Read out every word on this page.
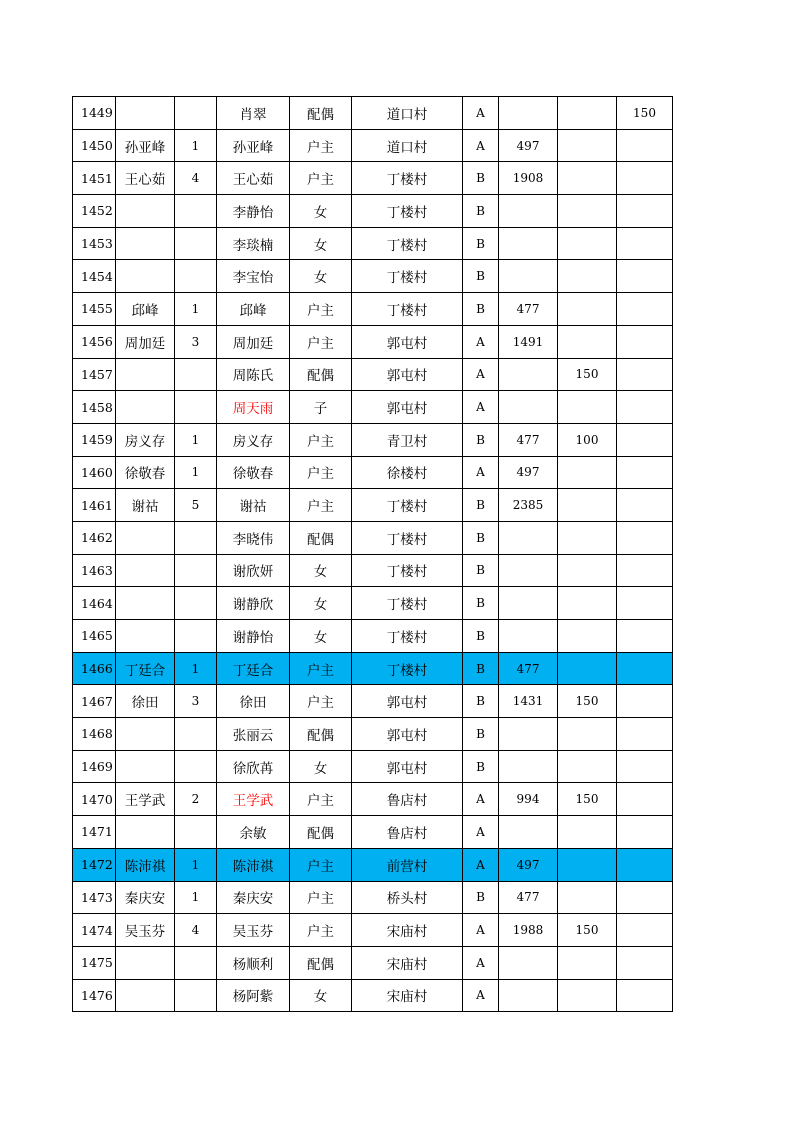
1449			肖翠	配偶	道口村	A			150
1450	孙亚峰	1	孙亚峰	户主	道口村	A	497		
1451	王心茹	4	王心茹	户主	丁楼村	B	1908		
1452			李静怡	女	丁楼村	B			
1453			李琰楠	女	丁楼村	B			
1454			李宝怡	女	丁楼村	B			
1455	邱峰	1	邱峰	户主	丁楼村	B	477		
1456	周加廷	3	周加廷	户主	郭屯村	A	1491		
1457			周陈氏	配偶	郭屯村	A		150	
1458			周天雨	子	郭屯村	A			
1459	房义存	1	房义存	户主	青卫村	B	477	100	
1460	徐敬春	1	徐敬春	户主	徐楼村	A	497		
1461	谢祜	5	谢祜	户主	丁楼村	B	2385		
1462			李晓伟	配偶	丁楼村	B			
1463			谢欣妍	女	丁楼村	B			
1464			谢静欣	女	丁楼村	B			
1465			谢静怡	女	丁楼村	B			
1466	丁廷合	1	丁廷合	户主	丁楼村	B	477		
1467	徐田	3	徐田	户主	郭屯村	B	1431	150	
1468			张丽云	配偶	郭屯村	B			
1469			徐欣苒	女	郭屯村	B			
1470	王学武	2	王学武	户主	鲁店村	A	994	150	
1471			余敏	配偶	鲁店村	A			
1472	陈沛祺	1	陈沛祺	户主	前营村	A	497		
1473	秦庆安	1	秦庆安	户主	桥头村	B	477		
1474	吴玉芬	4	吴玉芬	户主	宋庙村	A	1988	150	
1475			杨顺利	配偶	宋庙村	A			
1476			杨阿紫	女	宋庙村	A			
